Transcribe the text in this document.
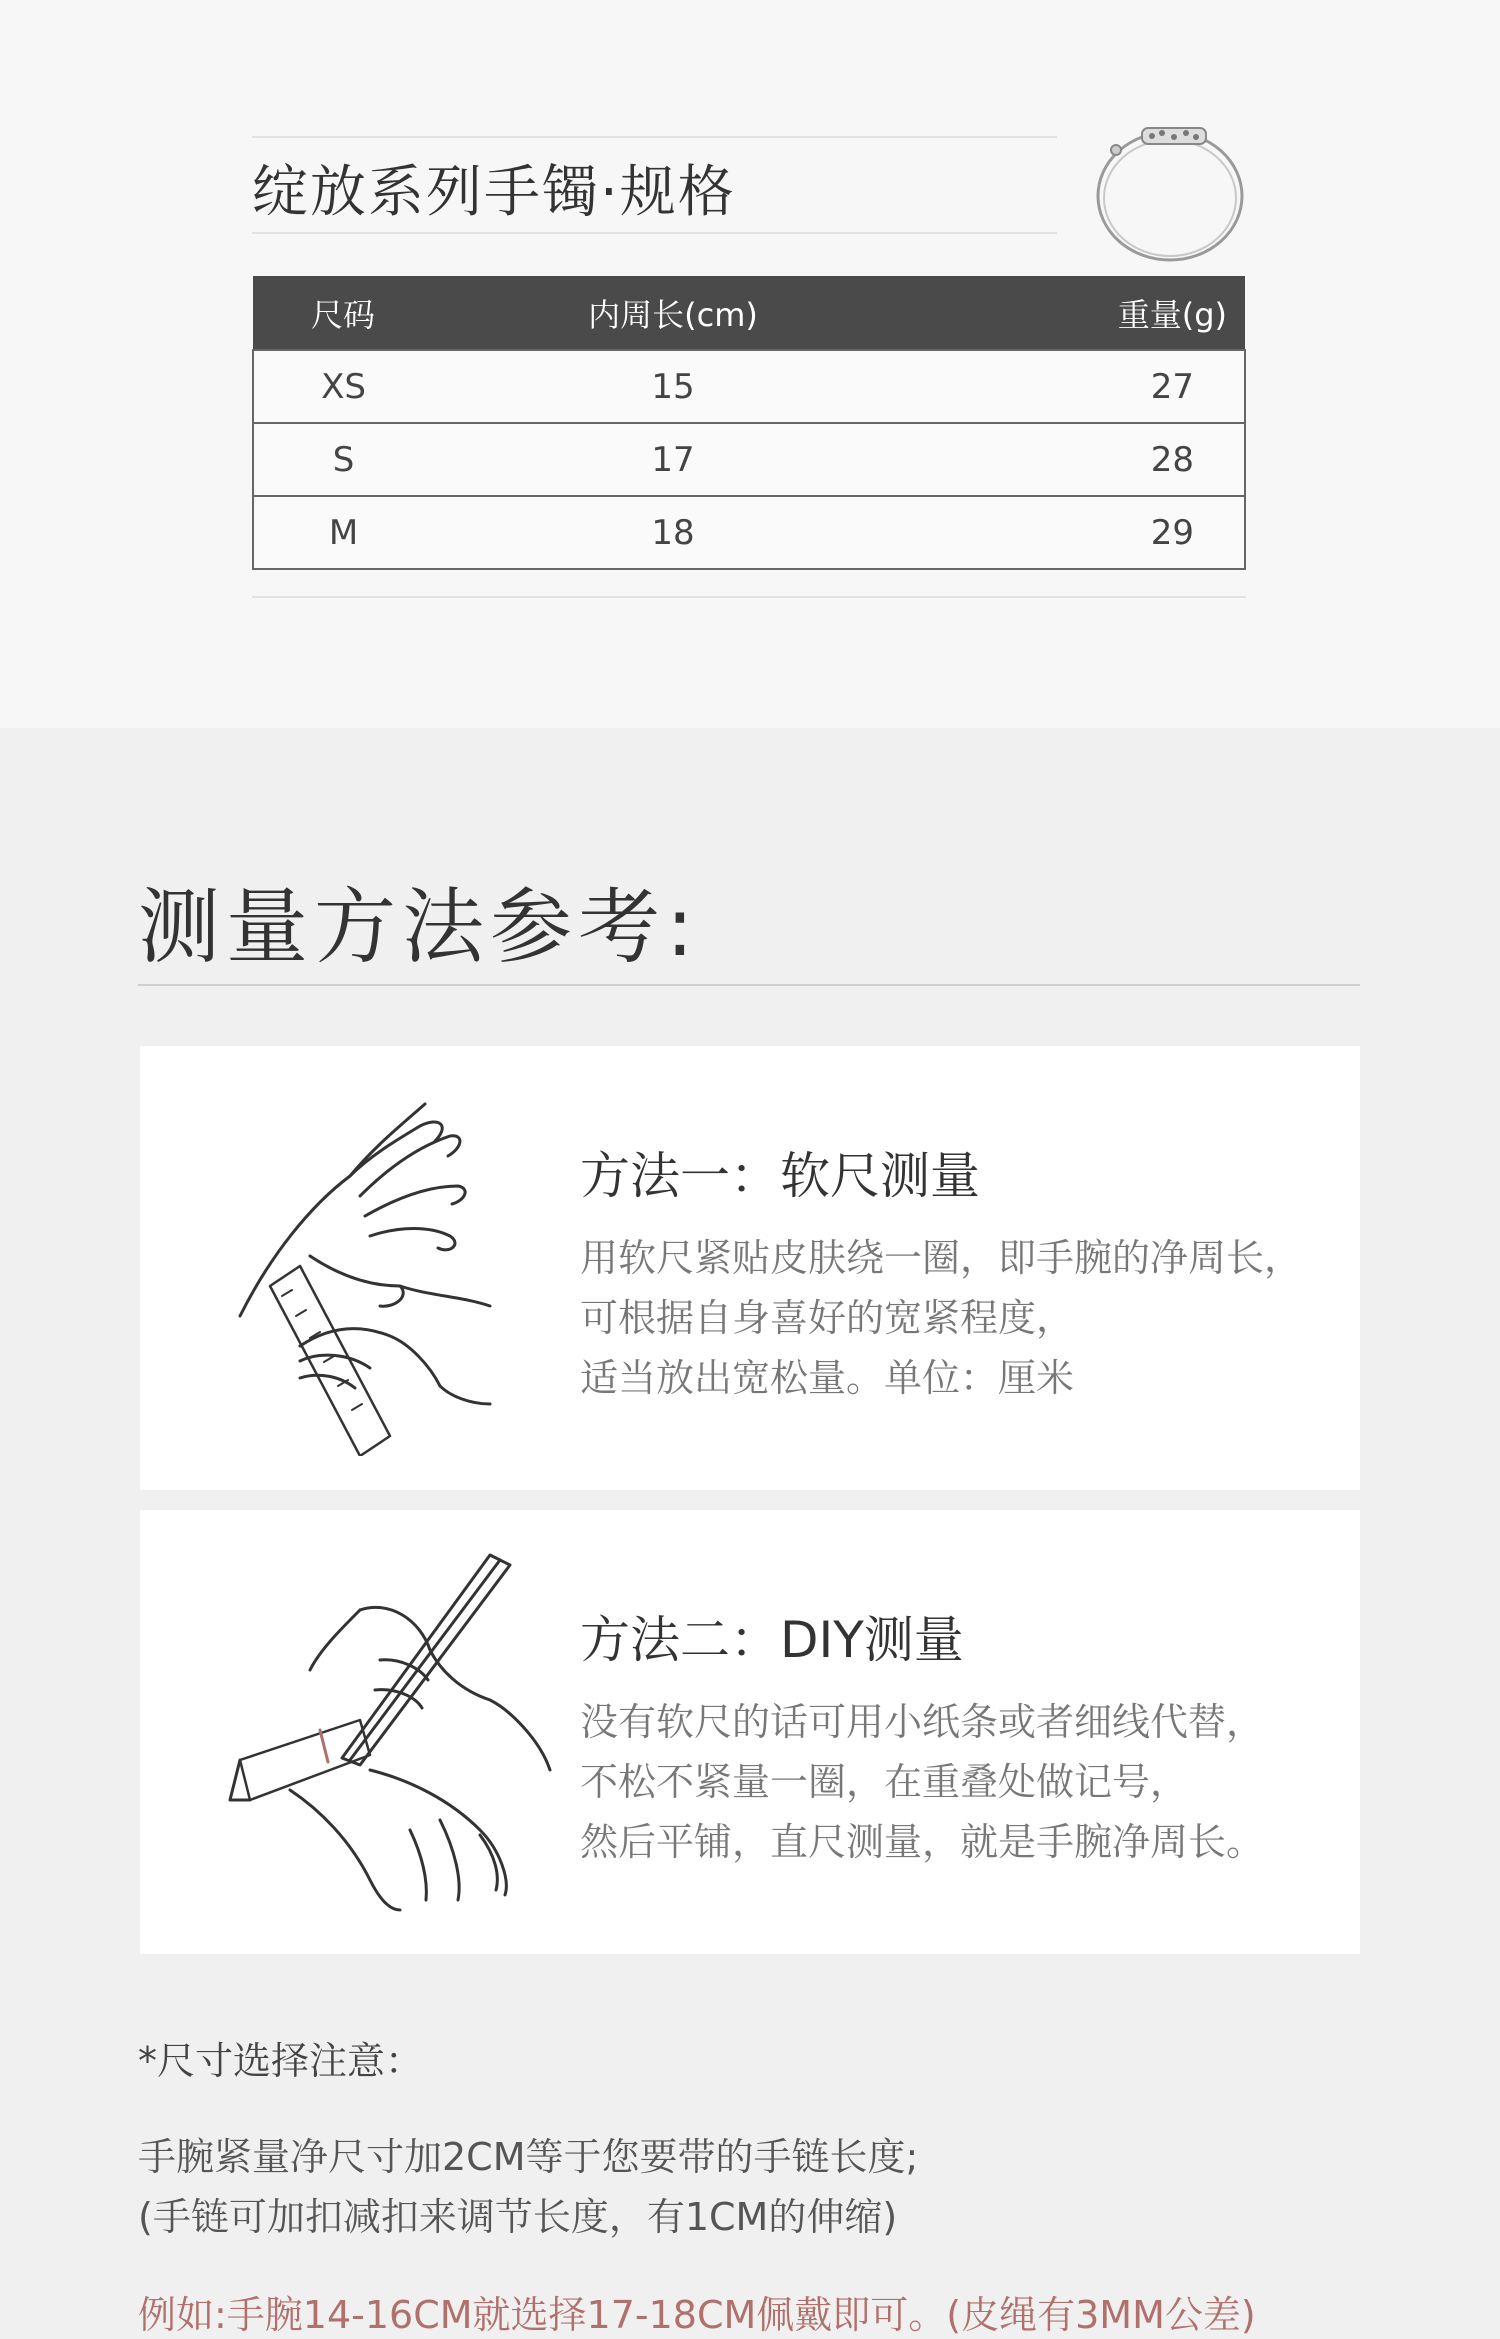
绽放系列手镯·规格
尺码	内周长(cm)	重量(g)
XS	15	27
S	17	28
M	18	29
测量方法参考:
方法一：软尺测量
用软尺紧贴皮肤绕一圈，即手腕的净周长，
可根据自身喜好的宽紧程度，
适当放出宽松量。单位：厘米
方法二：DIY测量
没有软尺的话可用小纸条或者细线代替，
不松不紧量一圈，在重叠处做记号，
然后平铺，直尺测量，就是手腕净周长。
*尺寸选择注意：
手腕紧量净尺寸加2CM等于您要带的手链长度;
(手链可加扣减扣来调节长度，有1CM的伸缩)
例如:手腕14-16CM就选择17-18CM佩戴即可。(皮绳有3MM公差)
